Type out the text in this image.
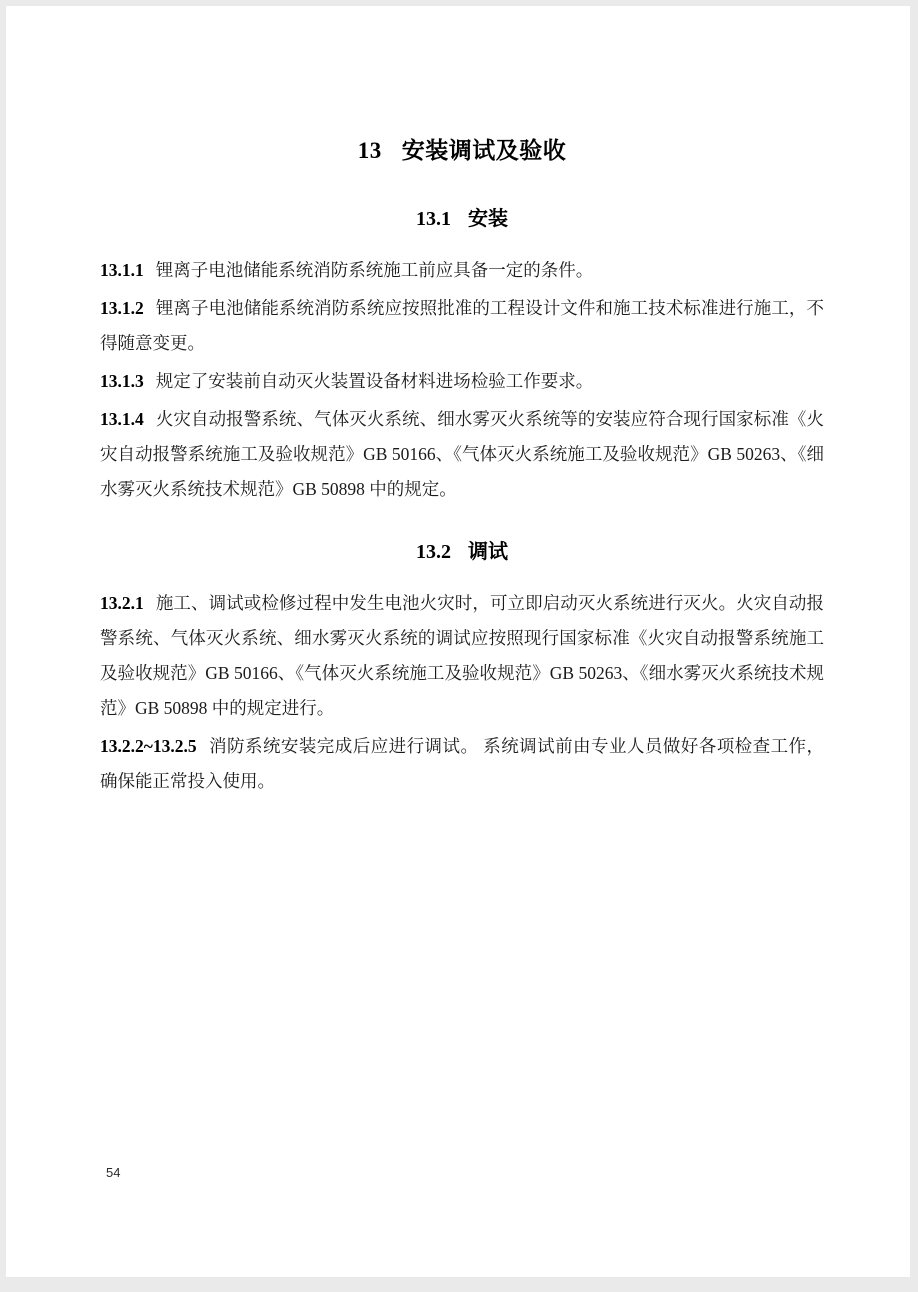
13 安装调试及验收
13.1 安装

13.1.1 锂离子电池储能系统消防系统施工前应具备一定的条件。

13.1.2 锂离子电池储能系统消防系统应按照批准的工程设计文件和施工技术标准进行施工，不得随意变更。

13.1.3 规定了安装前自动灭火装置设备材料进场检验工作要求。

13.1.4 火灾自动报警系统、气体灭火系统、细水雾灭火系统等的安装应符合现行国家标准《火灾自动报警系统施工及验收规范》GB 50166、《气体灭火系统施工及验收规范》GB 50263、《细水雾灭火系统技术规范》GB 50898 中的规定。

13.2 调试

13.2.1 施工、调试或检修过程中发生电池火灾时，可立即启动灭火系统进行灭火。火灾自动报警系统、气体灭火系统、细水雾灭火系统的调试应按照现行国家标准《火灾自动报警系统施工及验收规范》GB 50166、《气体灭火系统施工及验收规范》GB 50263、《细水雾灭火系统技术规范》GB 50898 中的规定进行。

13.2.2~13.2.5 消防系统安装完成后应进行调试。 系统调试前由专业人员做好各项检查工作，确保能正常投入使用。

54
